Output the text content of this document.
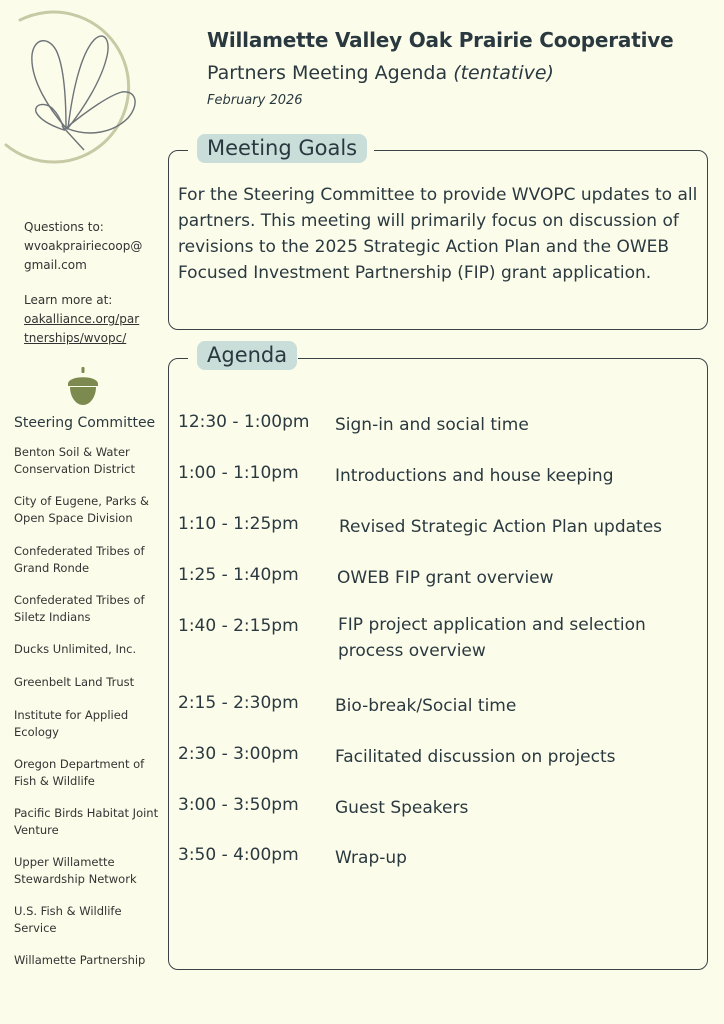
Willamette Valley Oak Prairie Cooperative
Partners Meeting Agenda (tentative)
February 2026

Questions to:

wvoakprairiecoop@
gmail.com

Learn more at:

oakalliance.org/par
tnerships/wvopc/

Steering Committee
Benton Soil & Water Conservation District
City of Eugene, Parks & Open Space Division
Confederated Tribes of Grand Ronde
Confederated Tribes of Siletz Indians
Ducks Unlimited, Inc.
Greenbelt Land Trust
Institute for Applied Ecology
Oregon Department of Fish & Wildlife
Pacific Birds Habitat Joint Venture
Upper Willamette Stewardship Network
U.S. Fish & Wildlife Service
Willamette Partnership
Meeting Goals
For the Steering Committee to provide WVOPC updates to all partners. This meeting will primarily focus on discussion of revisions to the 2025 Strategic Action Plan and the OWEB Focused Investment Partnership (FIP) grant application.
Agenda
12:30 - 1:00pm Sign-in and social time
1:00 - 1:10pm Introductions and house keeping
1:10 - 1:25pm Revised Strategic Action Plan updates
1:25 - 1:40pm OWEB FIP grant overview
1:40 - 2:15pm FIP project application and selection
process overview
2:15 - 2:30pm Bio-break/Social time
2:30 - 3:00pm Facilitated discussion on projects
3:00 - 3:50pm Guest Speakers
3:50 - 4:00pm Wrap-up
